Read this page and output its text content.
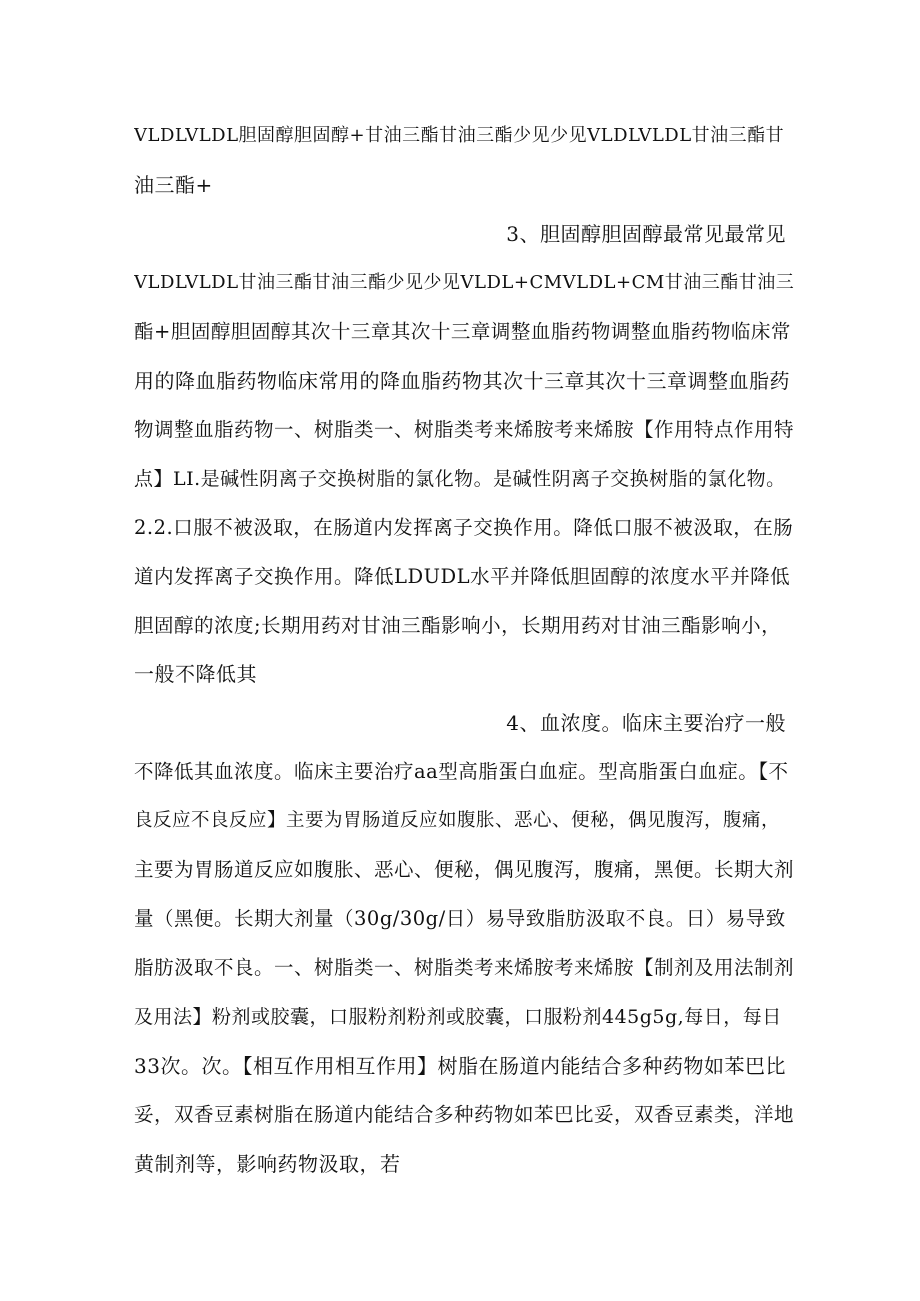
VLDLVLDL胆固醇胆固醇+甘油三酯甘油三酯少见少见VLDLVLDL甘油三酯甘
油三酯+
3、胆固醇胆固醇最常见最常见
VLDLVLDL甘油三酯甘油三酯少见少见VLDL+CMVLDL+CM甘油三酯甘油三
酯+胆固醇胆固醇其次十三章其次十三章调整血脂药物调整血脂药物临床常
用的降血脂药物临床常用的降血脂药物其次十三章其次十三章调整血脂药
物调整血脂药物一、树脂类一、树脂类考来烯胺考来烯胺【作用特点作用特
点】LI.是碱性阴离子交换树脂的氯化物。是碱性阴离子交换树脂的氯化物。
2.2.口服不被汲取，在肠道内发挥离子交换作用。降低口服不被汲取，在肠
道内发挥离子交换作用。降低LDUDL水平并降低胆固醇的浓度水平并降低
胆固醇的浓度;长期用药对甘油三酯影响小，长期用药对甘油三酯影响小，
一般不降低其
4、血浓度。临床主要治疗一般
不降低其血浓度。临床主要治疗aa型高脂蛋白血症。型高脂蛋白血症。【不
良反应不良反应】主要为胃肠道反应如腹胀、恶心、便秘，偶见腹泻，腹痛，
主要为胃肠道反应如腹胀、恶心、便秘，偶见腹泻，腹痛，黑便。长期大剂
量（黑便。长期大剂量（30g/30g/日）易导致脂肪汲取不良。日）易导致
脂肪汲取不良。一、树脂类一、树脂类考来烯胺考来烯胺【制剂及用法制剂
及用法】粉剂或胶囊，口服粉剂粉剂或胶囊，口服粉剂445g5g,每日，每日
33次。次。【相互作用相互作用】树脂在肠道内能结合多种药物如苯巴比
妥，双香豆素树脂在肠道内能结合多种药物如苯巴比妥，双香豆素类，洋地
黄制剂等，影响药物汲取，若
